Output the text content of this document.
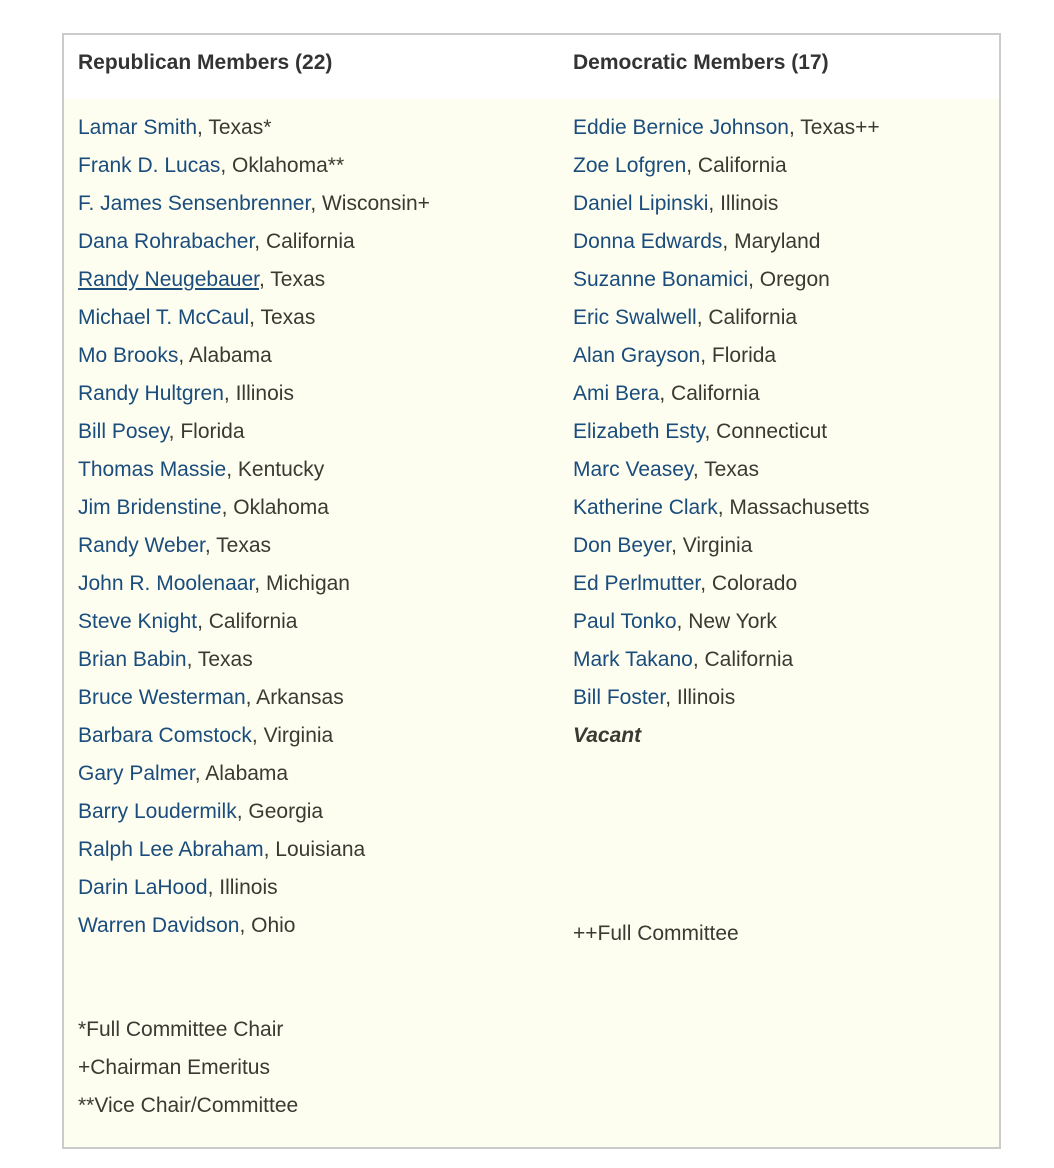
Republican Members (22)	Democratic Members (17)
Lamar Smith, Texas*
Frank D. Lucas, Oklahoma**
F. James Sensenbrenner, Wisconsin+
Dana Rohrabacher, California
Randy Neugebauer, Texas
Michael T. McCaul, Texas
Mo Brooks, Alabama
Randy Hultgren, Illinois
Bill Posey, Florida
Thomas Massie, Kentucky
Jim Bridenstine, Oklahoma
Randy Weber, Texas
John R. Moolenaar, Michigan
Steve Knight, California
Brian Babin, Texas
Bruce Westerman, Arkansas
Barbara Comstock, Virginia
Gary Palmer, Alabama
Barry Loudermilk, Georgia
Ralph Lee Abraham, Louisiana
Darin LaHood, Illinois
Warren Davidson, Ohio
*Full Committee Chair
+Chairman Emeritus
**Vice Chair/Committee
Eddie Bernice Johnson, Texas++
Zoe Lofgren, California
Daniel Lipinski, Illinois
Donna Edwards, Maryland
Suzanne Bonamici, Oregon
Eric Swalwell, California
Alan Grayson, Florida
Ami Bera, California
Elizabeth Esty, Connecticut
Marc Veasey, Texas
Katherine Clark, Massachusetts
Don Beyer, Virginia
Ed Perlmutter, Colorado
Paul Tonko, New York
Mark Takano, California
Bill Foster, Illinois
Vacant
++Full Committee
